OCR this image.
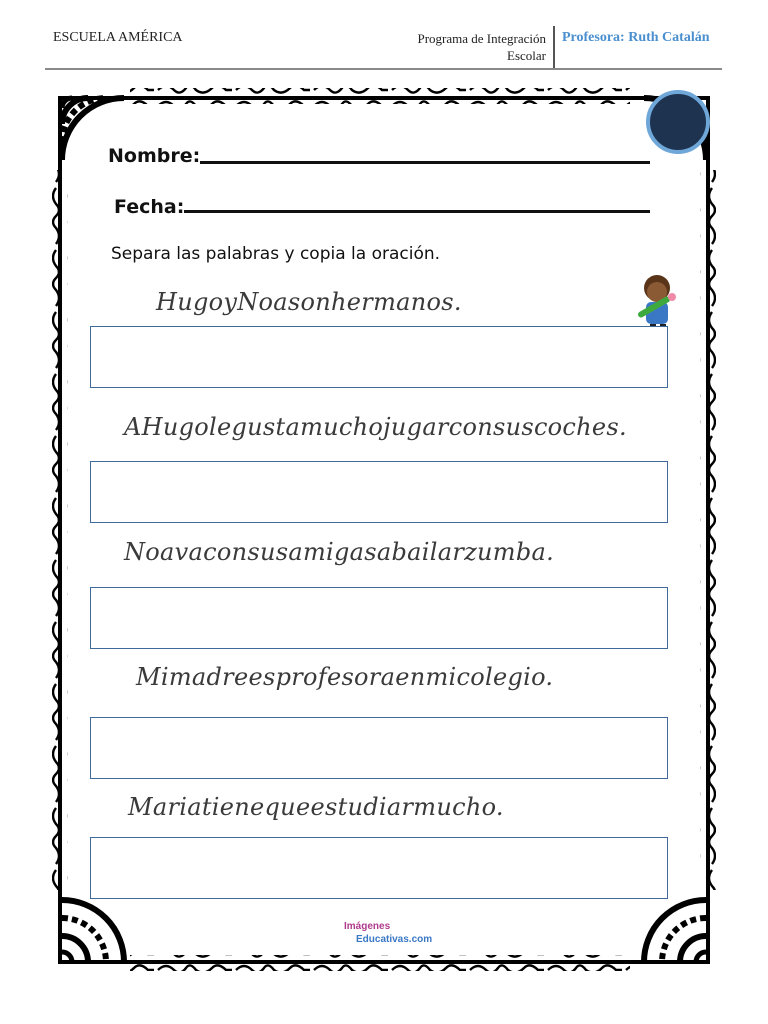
ESCUELA AMÉRICA	Programa de Integración
Escolar
Profesora: Ruth Catalán
Nombre:
Fecha:
Separa las palabras y copia la oración.
HugoyNoasonhermanos.
AHugolegustamuchojugarconsuscoches.
Noavaconsusamigasabailarzumba.
Mimadreesprofesoraenmicolegio.
Mariatienequeestudiarmucho.
Imágenes
Educativas.com
